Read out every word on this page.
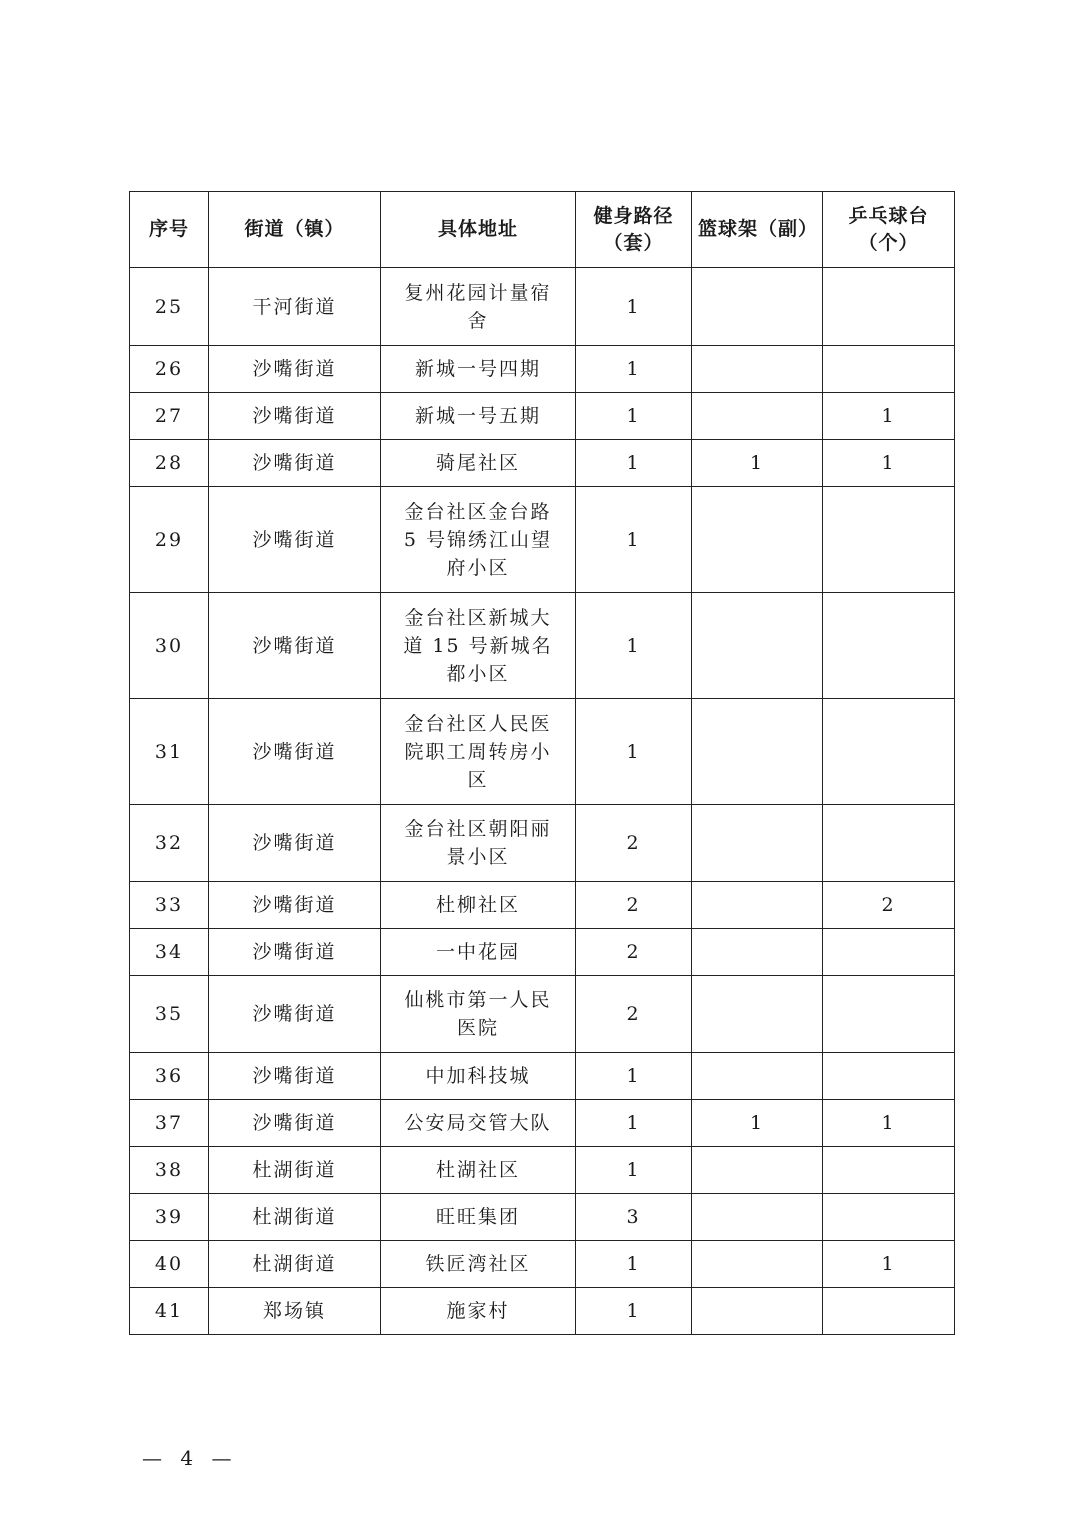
序号	街道（镇）	具体地址	健身路径（套）	篮球架（副）	乒乓球台（个）
25	干河街道	复州花园计量宿舍	1		
26	沙嘴街道	新城一号四期	1		
27	沙嘴街道	新城一号五期	1		1
28	沙嘴街道	骑尾社区	1	1	1
29	沙嘴街道	金台社区金台路 5 号锦绣江山望府小区	1		
30	沙嘴街道	金台社区新城大道 15 号新城名都小区	1		
31	沙嘴街道	金台社区人民医院职工周转房小区	1		
32	沙嘴街道	金台社区朝阳丽景小区	2		
33	沙嘴街道	杜柳社区	2		2
34	沙嘴街道	一中花园	2		
35	沙嘴街道	仙桃市第一人民医院	2		
36	沙嘴街道	中加科技城	1		
37	沙嘴街道	公安局交管大队	1	1	1
38	杜湖街道	杜湖社区	1		
39	杜湖街道	旺旺集团	3		
40	杜湖街道	铁匠湾社区	1		1
41	郑场镇	施家村	1		
— 4 —
